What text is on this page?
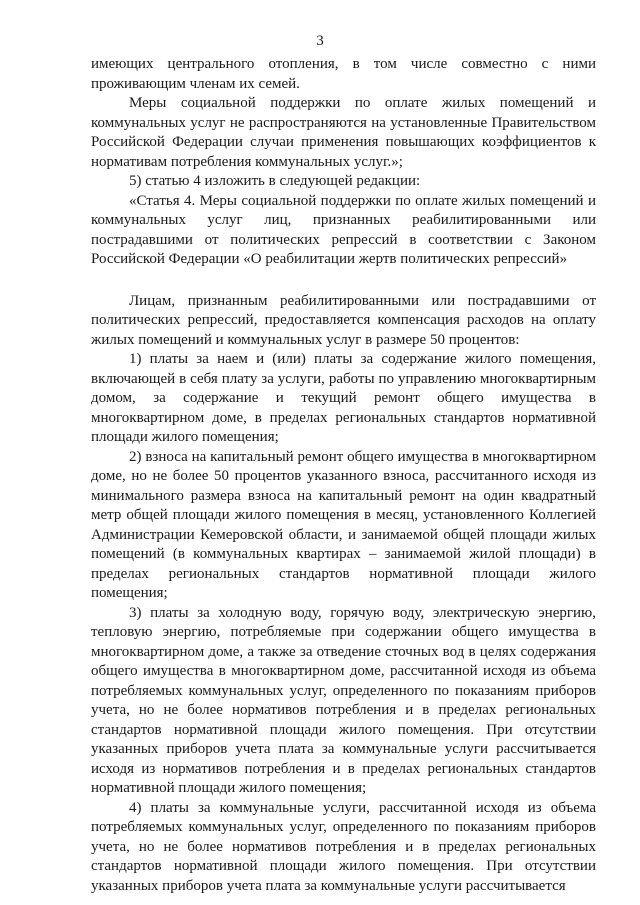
3

имеющих центрального отопления, в том числе совместно с ними проживающим членам их семей.

Меры социальной поддержки по оплате жилых помещений и коммунальных услуг не распространяются на установленные Правительством Российской Федерации случаи применения повышающих коэффициентов к нормативам потребления коммунальных услуг.»;

5) статью 4 изложить в следующей редакции:

«Статья 4. Меры социальной поддержки по оплате жилых помещений и коммунальных услуг лиц, признанных реабилитированными или пострадавшими от политических репрессий в соответствии с Законом Российской Федерации «О реабилитации жертв политических репрессий»

Лицам, признанным реабилитированными или пострадавшими от политических репрессий, предоставляется компенсация расходов на оплату жилых помещений и коммунальных услуг в размере 50 процентов:

1) платы за наем и (или) платы за содержание жилого помещения, включающей в себя плату за услуги, работы по управлению многоквартирным домом, за содержание и текущий ремонт общего имущества в многоквартирном доме, в пределах региональных стандартов нормативной площади жилого помещения;

2) взноса на капитальный ремонт общего имущества в многоквартирном доме, но не более 50 процентов указанного взноса, рассчитанного исходя из минимального размера взноса на капитальный ремонт на один квадратный метр общей площади жилого помещения в месяц, установленного Коллегией Администрации Кемеровской области, и занимаемой общей площади жилых помещений (в коммунальных квартирах – занимаемой жилой площади) в пределах региональных стандартов нормативной площади жилого помещения;

3) платы за холодную воду, горячую воду, электрическую энергию, тепловую энергию, потребляемые при содержании общего имущества в многоквартирном доме, а также за отведение сточных вод в целях содержания общего имущества в многоквартирном доме, рассчитанной исходя из объема потребляемых коммунальных услуг, определенного по показаниям приборов учета, но не более нормативов потребления и в пределах региональных стандартов нормативной площади жилого помещения. При отсутствии указанных приборов учета плата за коммунальные услуги рассчитывается исходя из нормативов потребления и в пределах региональных стандартов нормативной площади жилого помещения;

4) платы за коммунальные услуги, рассчитанной исходя из объема потребляемых коммунальных услуг, определенного по показаниям приборов учета, но не более нормативов потребления и в пределах региональных стандартов нормативной площади жилого помещения. При отсутствии указанных приборов учета плата за коммунальные услуги рассчитывается
